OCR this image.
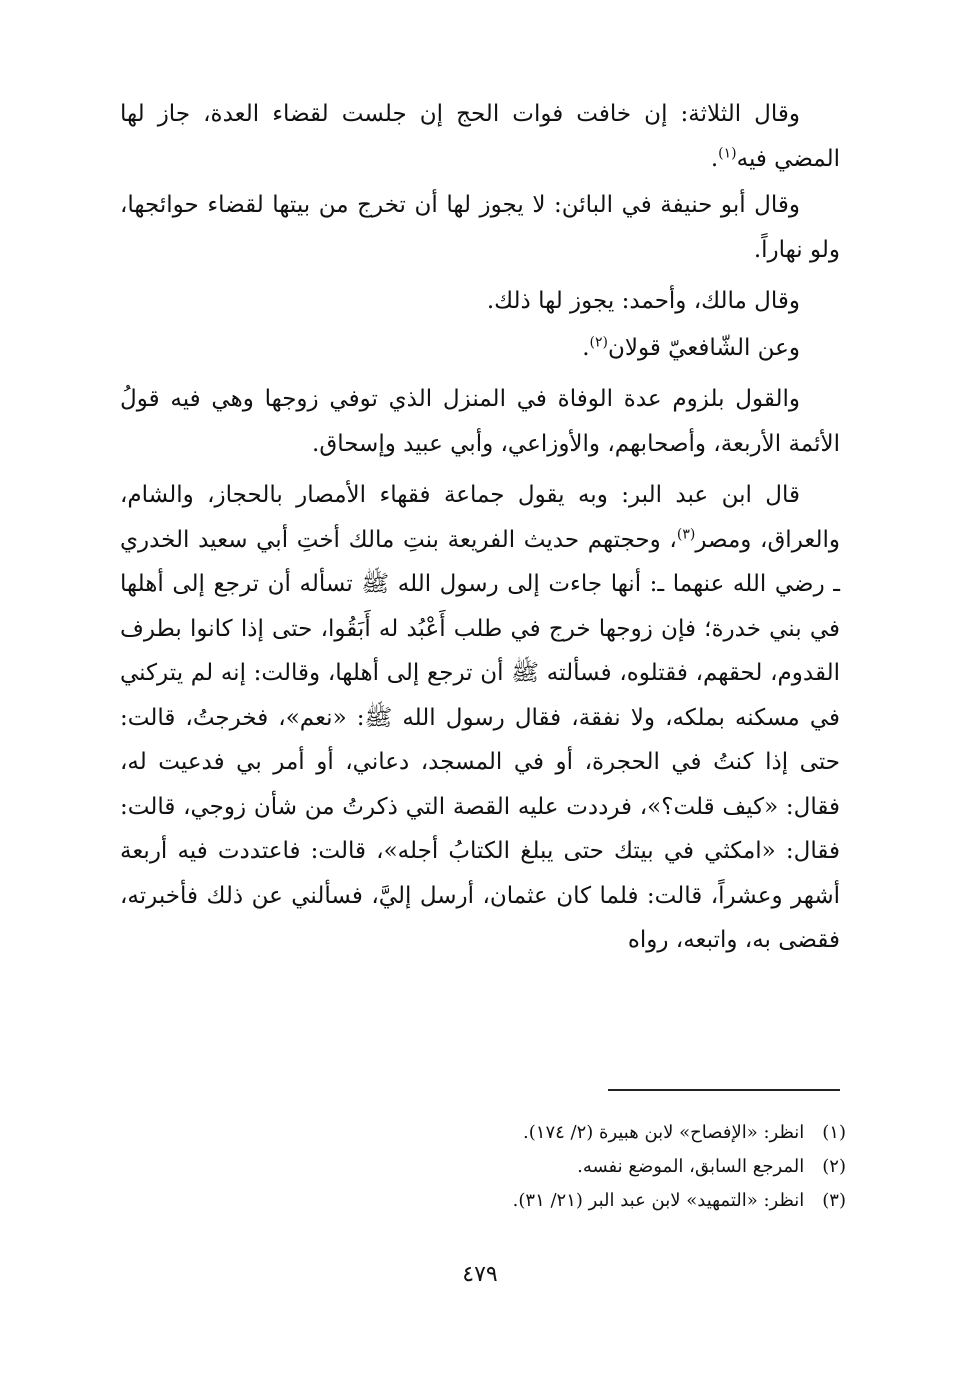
وقال الثلاثة: إن خافت فوات الحج إن جلست لقضاء العدة، جاز لها المضي فيه$^{(١)}$.

وقال أبو حنيفة في البائن: لا يجوز لها أن تخرج من بيتها لقضاء حوائجها، ولو نهاراً.

وقال مالك، وأحمد: يجوز لها ذلك.

وعن الشّافعيّ قولان$^{(٢)}$.

والقول بلزوم عدة الوفاة في المنزل الذي توفي زوجها وهي فيه قولُ الأئمة الأربعة، وأصحابهم، والأوزاعي، وأبي عبيد وإسحاق.

قال ابن عبد البر: وبه يقول جماعة فقهاء الأمصار بالحجاز، والشام، والعراق، ومصر$^{(٣)}$، وحجتهم حديث الفريعة بنتِ مالك أختِ أبي سعيد الخدري ـ رضي الله عنهما ـ: أنها جاءت إلى رسول الله ﷺ تسأله أن ترجع إلى أهلها في بني خدرة؛ فإن زوجها خرج في طلب أَعْبُد له أَبَقُوا، حتى إذا كانوا بطرف القدوم، لحقهم، فقتلوه، فسألته ﷺ أن ترجع إلى أهلها، وقالت: إنه لم يتركني في مسكنه بملكه، ولا نفقة، فقال رسول الله ﷺ: «نعم»، فخرجتُ، قالت: حتى إذا كنتُ في الحجرة، أو في المسجد، دعاني، أو أمر بي فدعيت له، فقال: «كيف قلت؟»، فرددت عليه القصة التي ذكرتُ من شأن زوجي، قالت: فقال: «امكثي في بيتك حتى يبلغ الكتابُ أجله»، قالت: فاعتددت فيه أربعة أشهر وعشراً، قالت: فلما كان عثمان، أرسل إليَّ، فسألني عن ذلك فأخبرته، فقضى به، واتبعه، رواه

(١)
انظر: «الإفصاح» لابن هبيرة (٢/ ١٧٤).
(٢)
المرجع السابق، الموضع نفسه.
(٣)
انظر: «التمهيد» لابن عبد البر (٢١/ ٣١).
٤٧٩
